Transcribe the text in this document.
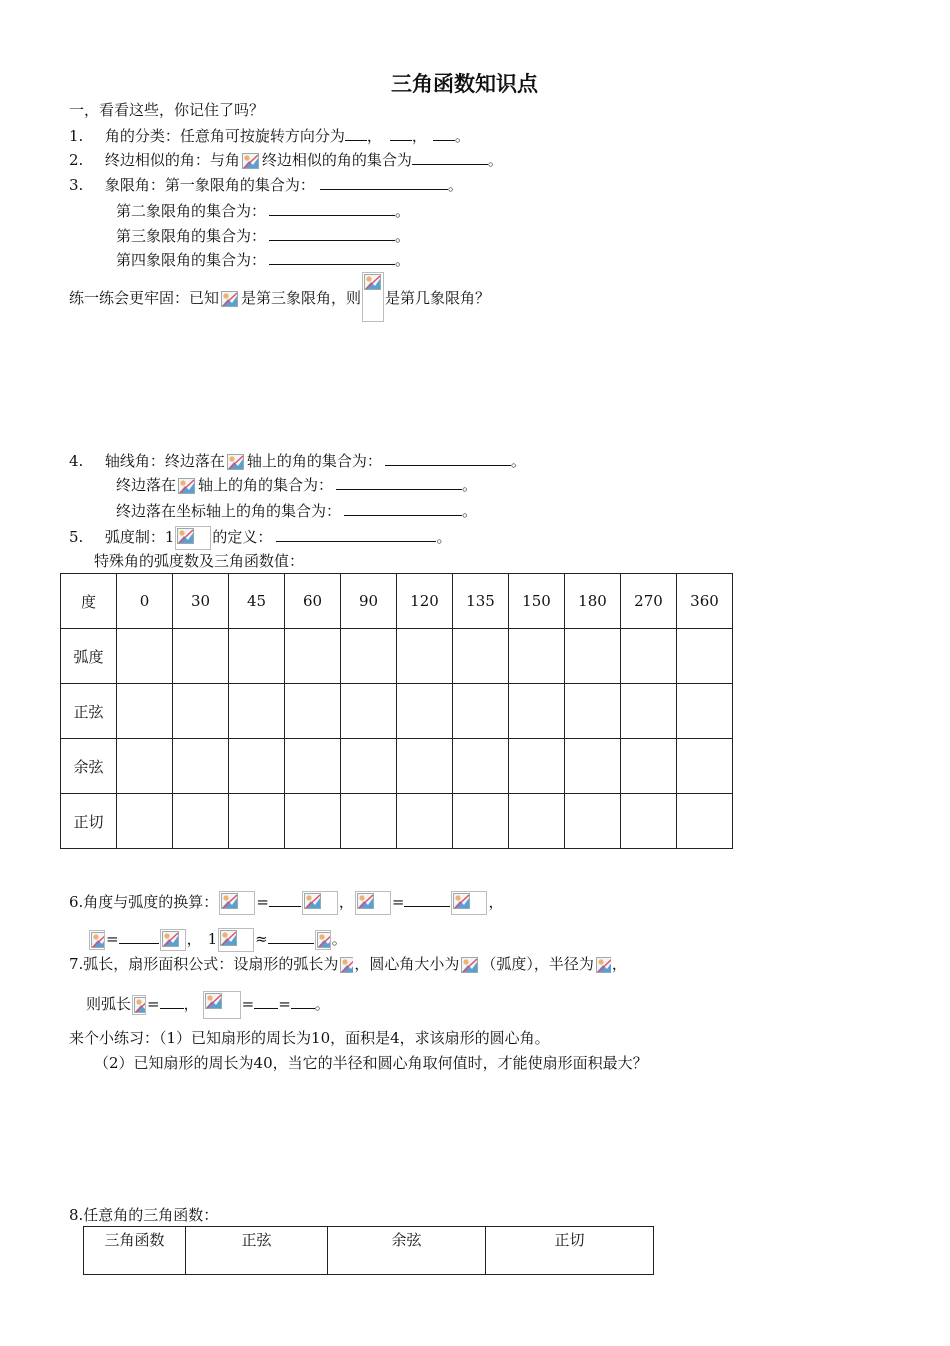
三角函数知识点
一，看看这些，你记住了吗？
1. 角的分类：任意角可按旋转方向分为 ， ， 。
2. 终边相似的角：与角 终边相似的角的集合为	。
3. 象限角：第一象限角的集合为：	。
第二象限角的集合为：	。
第三象限角的集合为：	。
第四象限角的集合为：	。
练一练会更牢固：已知 是第三象限角，则 是第几象限角？
4. 轴线角：终边落在 轴上的角的集合为：	。
终边落在 轴上的角的集合为：	。
终边落在坐标轴上的角的集合为：	。
5. 弧度制：1	的定义：	。
特殊角的弧度数及三角函数值：
度	0	30	45	60	90	120	135	150	180	270	360
弧度											
正弦											
余弦											
正切											
6.角度与弧度的换算：	=	，	=	，
=	， 1	≈	。
7.弧长，扇形面积公式：设扇形的弧长为 ，圆心角大小为 （弧度），半径为 ，
则弧长 = ，	= = 。
来个小练习：（1）已知扇形的周长为10，面积是4，求该扇形的圆心角。
（2）已知扇形的周长为40，当它的半径和圆心角取何值时，才能使扇形面积最大？
8.任意角的三角函数：
三角函数	正弦	余弦	正切
